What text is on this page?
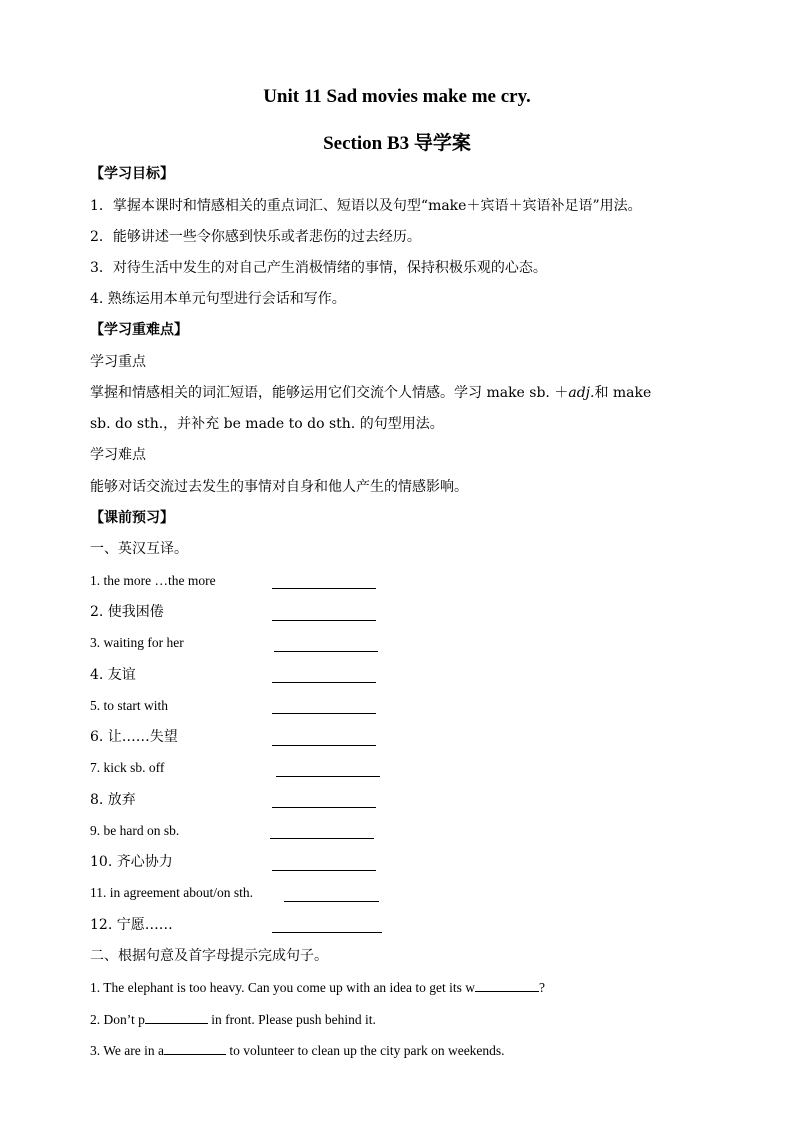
Unit 11 Sad movies make me cry.
Section B3 导学案
【学习目标】
1．掌握本课时和情感相关的重点词汇、短语以及句型“make＋宾语＋宾语补足语”用法。
2．能够讲述一些令你感到快乐或者悲伤的过去经历。
3．对待生活中发生的对自己产生消极情绪的事情，保持积极乐观的心态。
4. 熟练运用本单元句型进行会话和写作。
【学习重难点】
学习重点
掌握和情感相关的词汇短语，能够运用它们交流个人情感。学习 make sb. ＋adj.和 make
sb. do sth.，并补充 be made to do sth. 的句型用法。
学习难点
能够对话交流过去发生的事情对自身和他人产生的情感影响。
【课前预习】
一、英汉互译。
1. the more …the more
2. 使我困倦
3. waiting for her
4. 友谊
5. to start with
6. 让……失望
7. kick sb. off
8. 放弃
9. be hard on sb.
10. 齐心协力
11. in agreement about/on sth.
12. 宁愿……
二、根据句意及首字母提示完成句子。
1. The elephant is too heavy. Can you come up with an idea to get its w	?
2. Don’t p	in front. Please push behind it.
3. We are in a	to volunteer to clean up the city park on weekends.
